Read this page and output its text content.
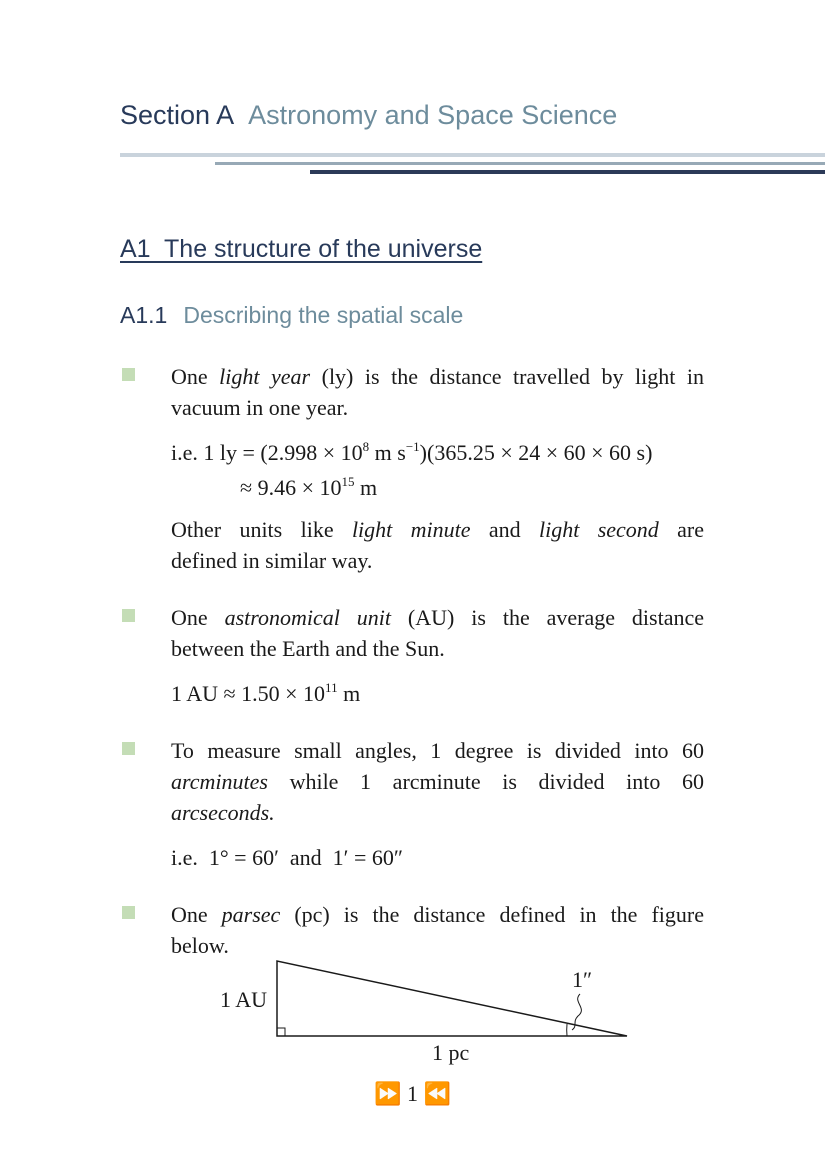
Section A Astronomy and Space Science
A1  The structure of the universe
A1.1 Describing the spatial scale
One light year (ly) is the distance travelled by light in
vacuum in one year.
i.e. 1 ly = ($2.998 \times 10^8$ m $s^{-1})(365.25 \times 24 \times 60 \times 60$ s)
≈ $9.46 \times 10^{15}$ m
Other units like light minute and light second are
defined in similar way.
One astronomical unit (AU) is the average distance
between the Earth and the Sun.
1 AU ≈ $1.50 \times 10^{11}$ m
To measure small angles, 1 degree is divided into 60
arcminutes while 1 arcminute is divided into 60
arcseconds.
i.e.  1° = 60′  and  1′ = 60″
One parsec (pc) is the distance defined in the figure
below.
1 AU
1″
1 pc
⏩ 1 ⏪
